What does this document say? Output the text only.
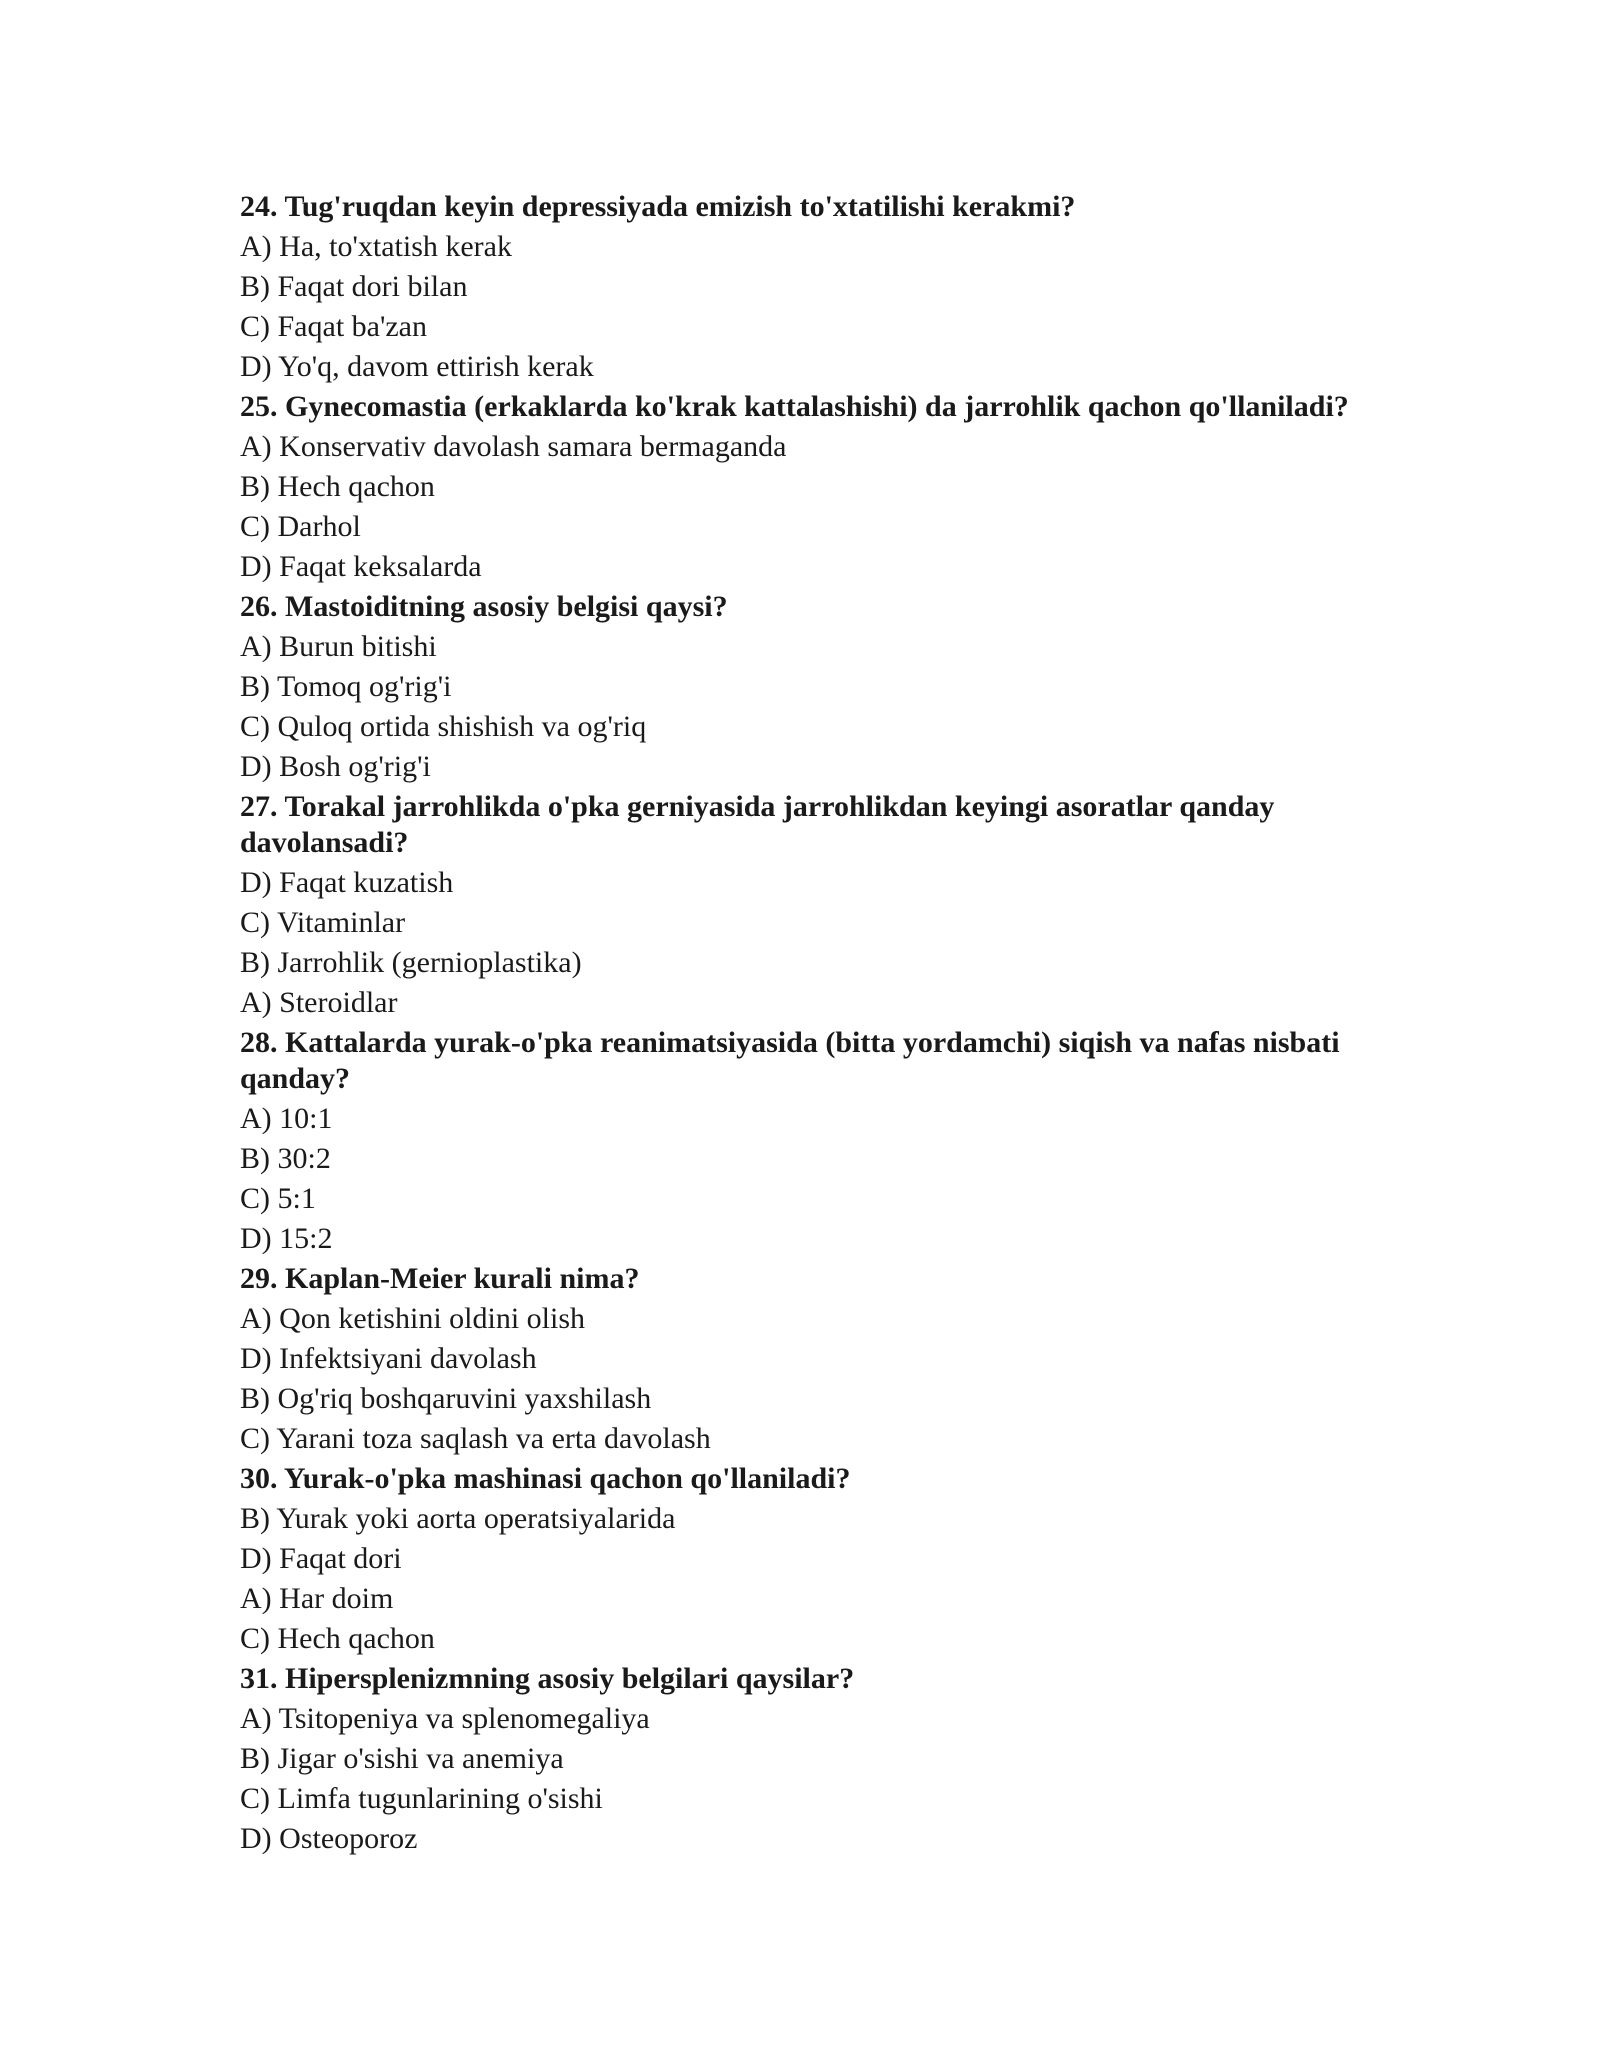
24. Tug'ruqdan keyin depressiyada emizish to'xtatilishi kerakmi?

A) Ha, to'xtatish kerak

B) Faqat dori bilan

C) Faqat ba'zan

D) Yo'q, davom ettirish kerak

25. Gynecomastia (erkaklarda ko'krak kattalashishi) da jarrohlik qachon qo'llaniladi?

A) Konservativ davolash samara bermaganda

B) Hech qachon

C) Darhol

D) Faqat keksalarda

26. Mastoiditning asosiy belgisi qaysi?

A) Burun bitishi

B) Tomoq og'rig'i

C) Quloq ortida shishish va og'riq

D) Bosh og'rig'i

27. Torakal jarrohlikda o'pka gerniyasida jarrohlikdan keyingi asoratlar qanday davolansadi?

D) Faqat kuzatish

C) Vitaminlar

B) Jarrohlik (gernioplastika)

A) Steroidlar

28. Kattalarda yurak-o'pka reanimatsiyasida (bitta yordamchi) siqish va nafas nisbati qanday?

A) 10:1

B) 30:2

C) 5:1

D) 15:2

29. Kaplan-Meier kurali nima?

A) Qon ketishini oldini olish

D) Infektsiyani davolash

B) Og'riq boshqaruvini yaxshilash

C) Yarani toza saqlash va erta davolash

30. Yurak-o'pka mashinasi qachon qo'llaniladi?

B) Yurak yoki aorta operatsiyalarida

D) Faqat dori

A) Har doim

C) Hech qachon

31. Hipersplenizmning asosiy belgilari qaysilar?

A) Tsitopeniya va splenomegaliya

B) Jigar o'sishi va anemiya

C) Limfa tugunlarining o'sishi

D) Osteoporoz
